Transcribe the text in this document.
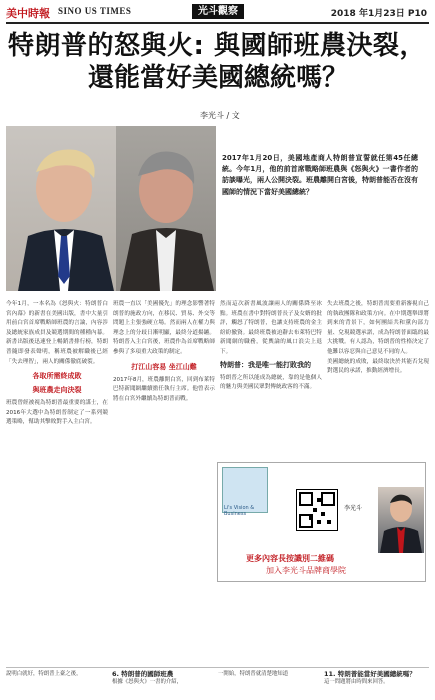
美中時報 SINO US TIMES	光斗觀察	2018 年1月23日 P10
特朗普的怒與火: 與國師班農決裂，
還能當好美國總統嗎？
李光斗 / 文
2017年1月20日，美國地產商人特朗普宣誓就任第45任總統。今年1月，他的前首席戰略師班農與《怒與火》一書作者的訪談曝光，兩人公開決裂。班農離開白宮後，特朗普能否在沒有國師的情況下當好美國總統？
今年1月，一本名為《怒與火：特朗普白宮內幕》的新書在美國出版，書中大量引用前白宮首席戰略師班農的言論，內容涉及總統家族成員及競選期間的種種內幕。新書出版後迅速登上暢銷書排行榜，特朗普隨即發表聲明，稱班農被解職後已經「失去理智」，兩人的關係徹底破裂。
各取所需終成敗
與班農走向決裂
班農曾經被視為特朗普最重要的謀士，在2016年大選中為特朗普制定了一系列競選策略，幫助其擊敗對手入主白宮。
班農一直以「美國優先」的理念影響著特朗普的施政方向，在移民、貿易、外交等問題上主張強硬立場。然而兩人在權力與理念上的分歧日漸明顯，最終分道揚鑣。特朗普入主白宮後，班農作為首席戰略師參與了多項重大政策的制定。
打江山容易 坐江山難
2017年8月，班農離開白宮，回到布萊特巴特新聞網繼續擔任執行主席。他曾表示將在白宮外繼續為特朗普而戰。
然而這次新書風波讓兩人的關係降至冰點。班農在書中對特朗普長子及女婿的批評，觸怒了特朗普，也讓支持班農的金主紛紛撤資。最終班農被迫辭去布萊特巴特新聞網的職務，從輿論的風口浪尖上退下。
特朗普：我是唯一能打敗我的
特朗普之所以能成為總統，靠的是他個人的魅力與美國民眾對傳統政客的不滿。
失去班農之後，特朗普需要重新審視自己的執政團隊和政策方向。在中期選舉即將到來的背景下，如何團結共和黨內部力量、兌現競選承諾，成為特朗普面臨的最大挑戰。有人認為，特朗普的性格決定了他難以容忍與自己意見不同的人。
美國總統的成敗，最終取決於其能否兌現對選民的承諾，推動經濟增長。
Li's Vision & Business
李光斗
更多內容長按識別二維碼
加入李光斗品牌商學院
說明白就好，特朗普上臺之後，	6. 特朗普的國師班農
根據《怒與火》一書的介紹，
一開始，特朗普就清楚地知道	11. 特朗普能當好美國總統嗎？
這一問題將由時間來回答。
